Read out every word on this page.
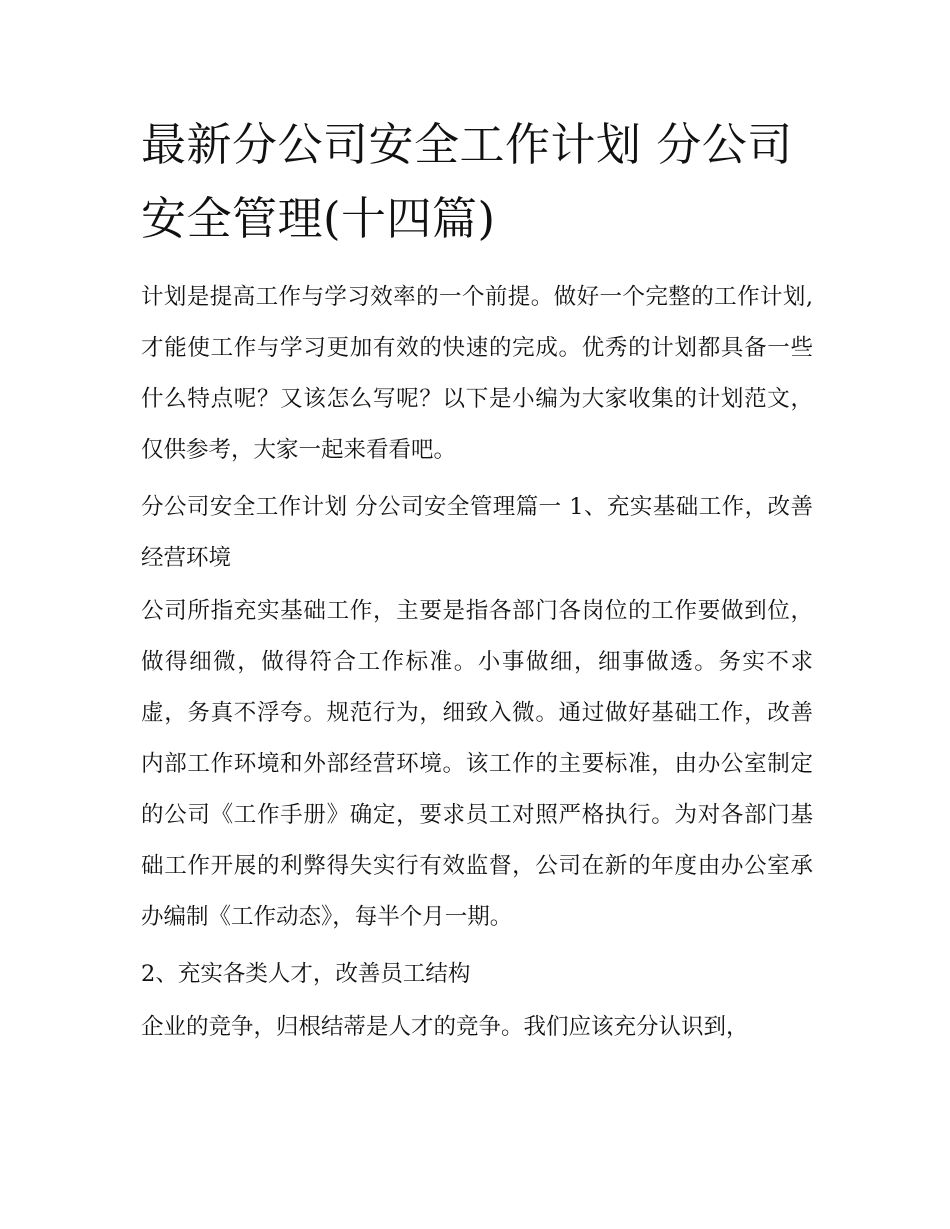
最新分公司安全工作计划 分公司安全管理(十四篇)

计划是提高工作与学习效率的一个前提。做好一个完整的工作计划,才能使工作与学习更加有效的快速的完成。优秀的计划都具备一些什么特点呢？又该怎么写呢？以下是小编为大家收集的计划范文，仅供参考，大家一起来看看吧。

分公司安全工作计划 分公司安全管理篇一 1、充实基础工作，改善经营环境

公司所指充实基础工作，主要是指各部门各岗位的工作要做到位，做得细微，做得符合工作标准。小事做细，细事做透。务实不求虚，务真不浮夸。规范行为，细致入微。通过做好基础工作，改善内部工作环境和外部经营环境。该工作的主要标准，由办公室制定的公司《工作手册》确定，要求员工对照严格执行。为对各部门基础工作开展的利弊得失实行有效监督，公司在新的年度由办公室承办编制《工作动态》，每半个月一期。

2、充实各类人才，改善员工结构

企业的竞争，归根结蒂是人才的竞争。我们应该充分认识到，
